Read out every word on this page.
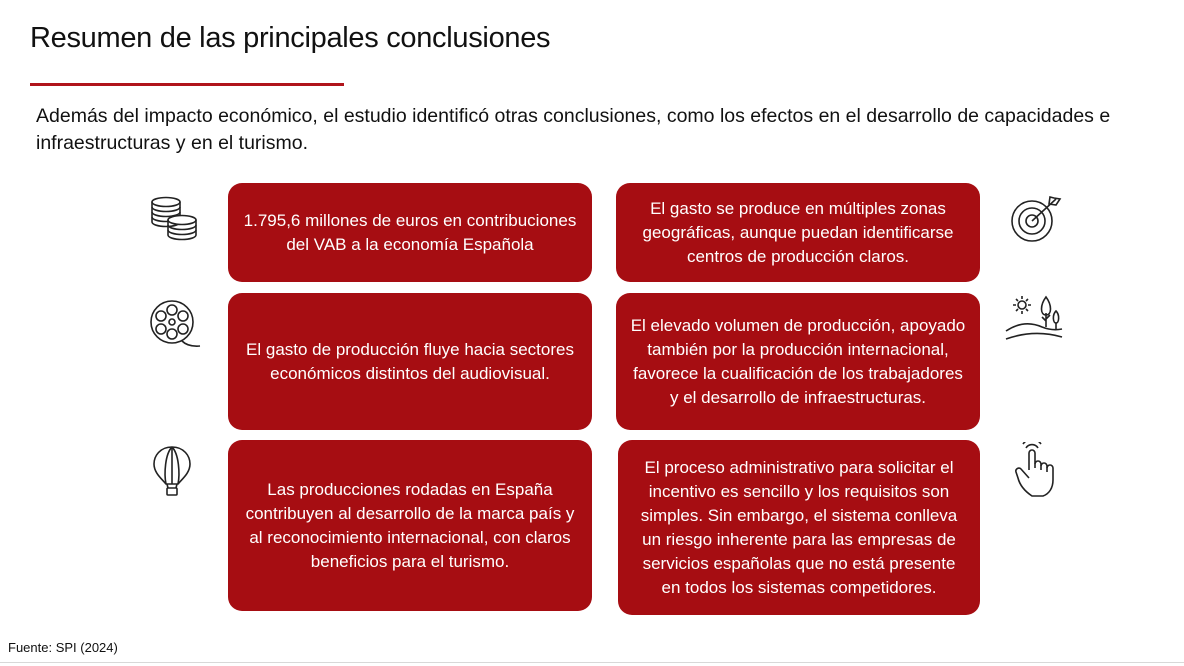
Resumen de las principales conclusiones
Además del impacto económico, el estudio identificó otras conclusiones, como los efectos en el desarrollo de capacidades e infraestructuras y en el turismo.
1.795,6 millones de euros en contribuciones del VAB a la economía Española
El gasto de producción fluye hacia sectores económicos distintos del audiovisual.
Las producciones rodadas en España contribuyen al desarrollo de la marca país y al reconocimiento internacional, con claros beneficios para el turismo.
El gasto se produce en múltiples zonas geográficas, aunque puedan identificarse centros de producción claros.
El elevado volumen de producción, apoyado también por la producción internacional, favorece la cualificación de los trabajadores y el desarrollo de infraestructuras.
El proceso administrativo para solicitar el incentivo es sencillo y los requisitos son simples. Sin embargo, el sistema conlleva un riesgo inherente para las empresas de servicios españolas que no está presente en todos los sistemas competidores.
Fuente: SPI (2024)
